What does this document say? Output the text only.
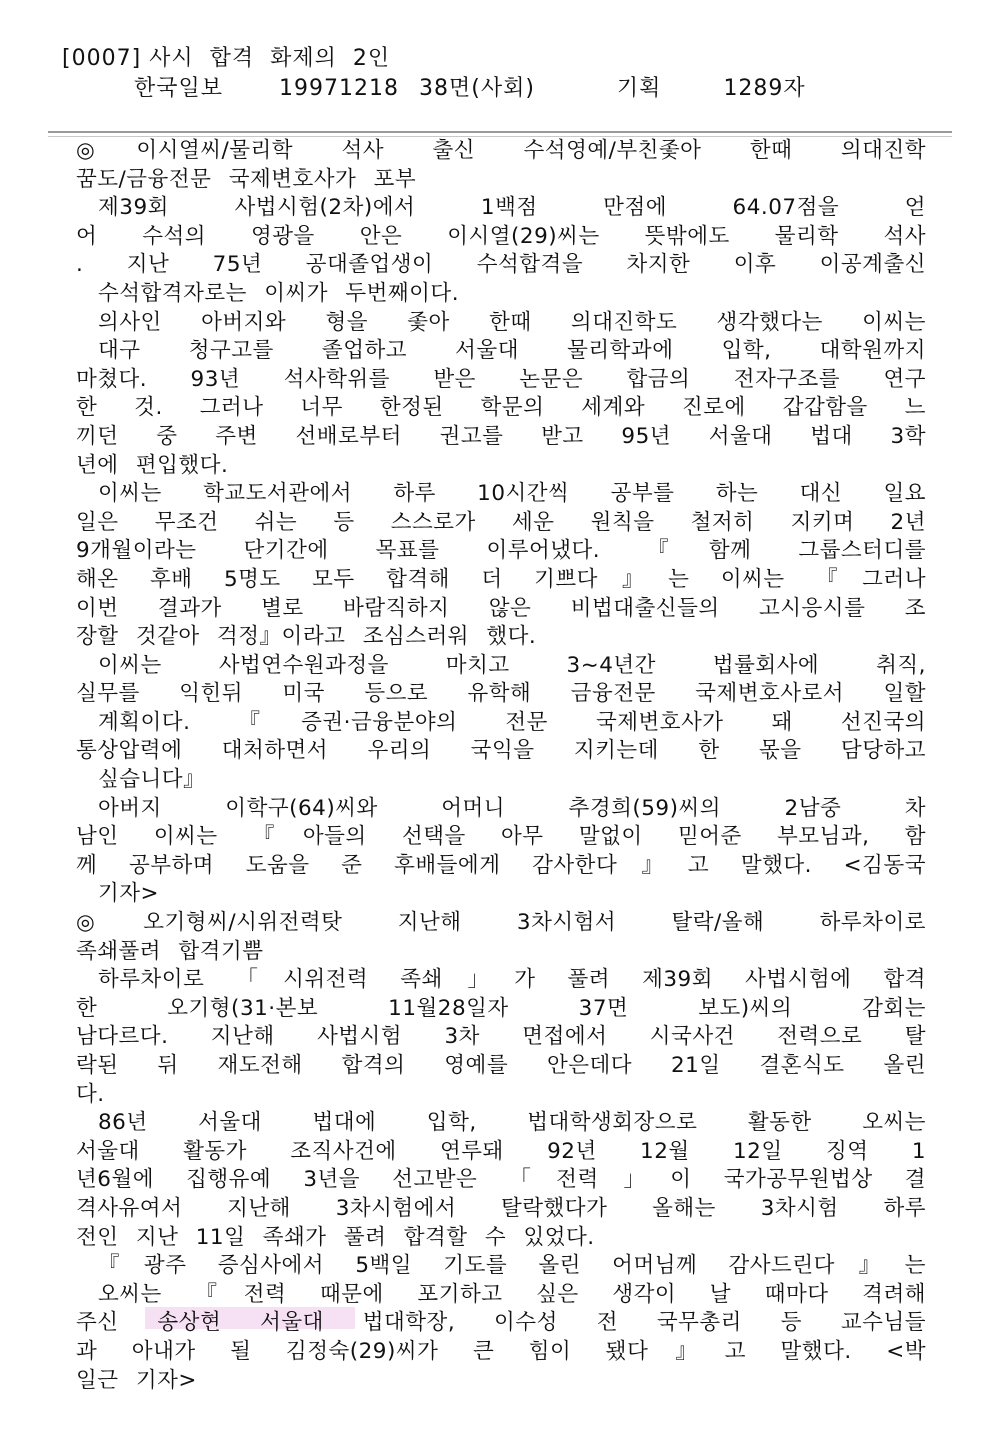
[0007] 사시  합격  화제의  2인
한국일보	19971218 38면(사회)	기획	1289자
◎이시열씨/물리학 석사 출신 수석영예/부친좇아 한때 의대진학
꿈도/금융전문 국제변호사가 포부
제39회 사법시험(2차)에서 1백점 만점에 64.07점을 얻
어 수석의 영광을 안은 이시열(29)씨는 뜻밖에도 물리학 석사
. 지난 75년 공대졸업생이 수석합격을 차지한 이후 이공계출신
수석합격자로는 이씨가 두번째이다.
의사인 아버지와 형을 좇아 한때 의대진학도 생각했다는 이씨는
대구 청구고를 졸업하고 서울대 물리학과에 입학, 대학원까지
마쳤다. 93년 석사학위를 받은 논문은 합금의 전자구조를 연구
한 것. 그러나 너무 한정된 학문의 세계와 진로에 갑갑함을 느
끼던 중 주변 선배로부터 권고를 받고 95년 서울대 법대 3학
년에 편입했다.
이씨는 학교도서관에서 하루 10시간씩 공부를 하는 대신 일요
일은 무조건 쉬는 등 스스로가 세운 원칙을 철저히 지키며 2년
9개월이라는 단기간에 목표를 이루어냈다. 『함께 그룹스터디를
해온 후배 5명도 모두 합격해 더 기쁘다』는 이씨는 『그러나
이번 결과가 별로 바람직하지 않은 비법대출신들의 고시응시를 조
장할 것같아 걱정』이라고 조심스러워 했다.
이씨는 사법연수원과정을 마치고 3∼4년간 법률회사에 취직,
실무를 익힌뒤 미국 등으로 유학해 금융전문 국제변호사로서 일할
계획이다. 『증권·금융분야의 전문 국제변호사가 돼 선진국의
통상압력에 대처하면서 우리의 국익을 지키는데 한 몫을 담당하고
싶습니다』
아버지 이학구(64)씨와 어머니 추경희(59)씨의 2남중 차
남인 이씨는 『아들의 선택을 아무 말없이 믿어준 부모님과, 함
께 공부하며 도움을 준 후배들에게 감사한다』고 말했다. <김동국
기자>
◎오기형씨/시위전력탓 지난해 3차시험서 탈락/올해 하루차이로
족쇄풀려 합격기쁨
하루차이로 「시위전력 족쇄」가 풀려 제39회 사법시험에 합격
한 오기형(31·본보 11월28일자 37면 보도)씨의 감회는
남다르다. 지난해 사법시험 3차 면접에서 시국사건 전력으로 탈
락된 뒤 재도전해 합격의 영예를 안은데다 21일 결혼식도 올린
다.
86년 서울대 법대에 입학, 법대학생회장으로 활동한 오씨는
서울대 활동가 조직사건에 연루돼 92년 12월 12일 징역 1
년6월에 집행유예 3년을 선고받은 「전력」이 국가공무원법상 결
격사유여서 지난해 3차시험에서 탈락했다가 올해는 3차시험 하루
전인 지난 11일 족쇄가 풀려 합격할 수 있었다.
『광주 증심사에서 5백일 기도를 올린 어머님께 감사드린다』는
오씨는 『전력 때문에 포기하고 싶은 생각이 날 때마다 격려해
주신 송상현 서울대 법대학장, 이수성 전 국무총리 등 교수님들
과 아내가 될 김정숙(29)씨가 큰 힘이 됐다』고 말했다. <박
일근 기자>
